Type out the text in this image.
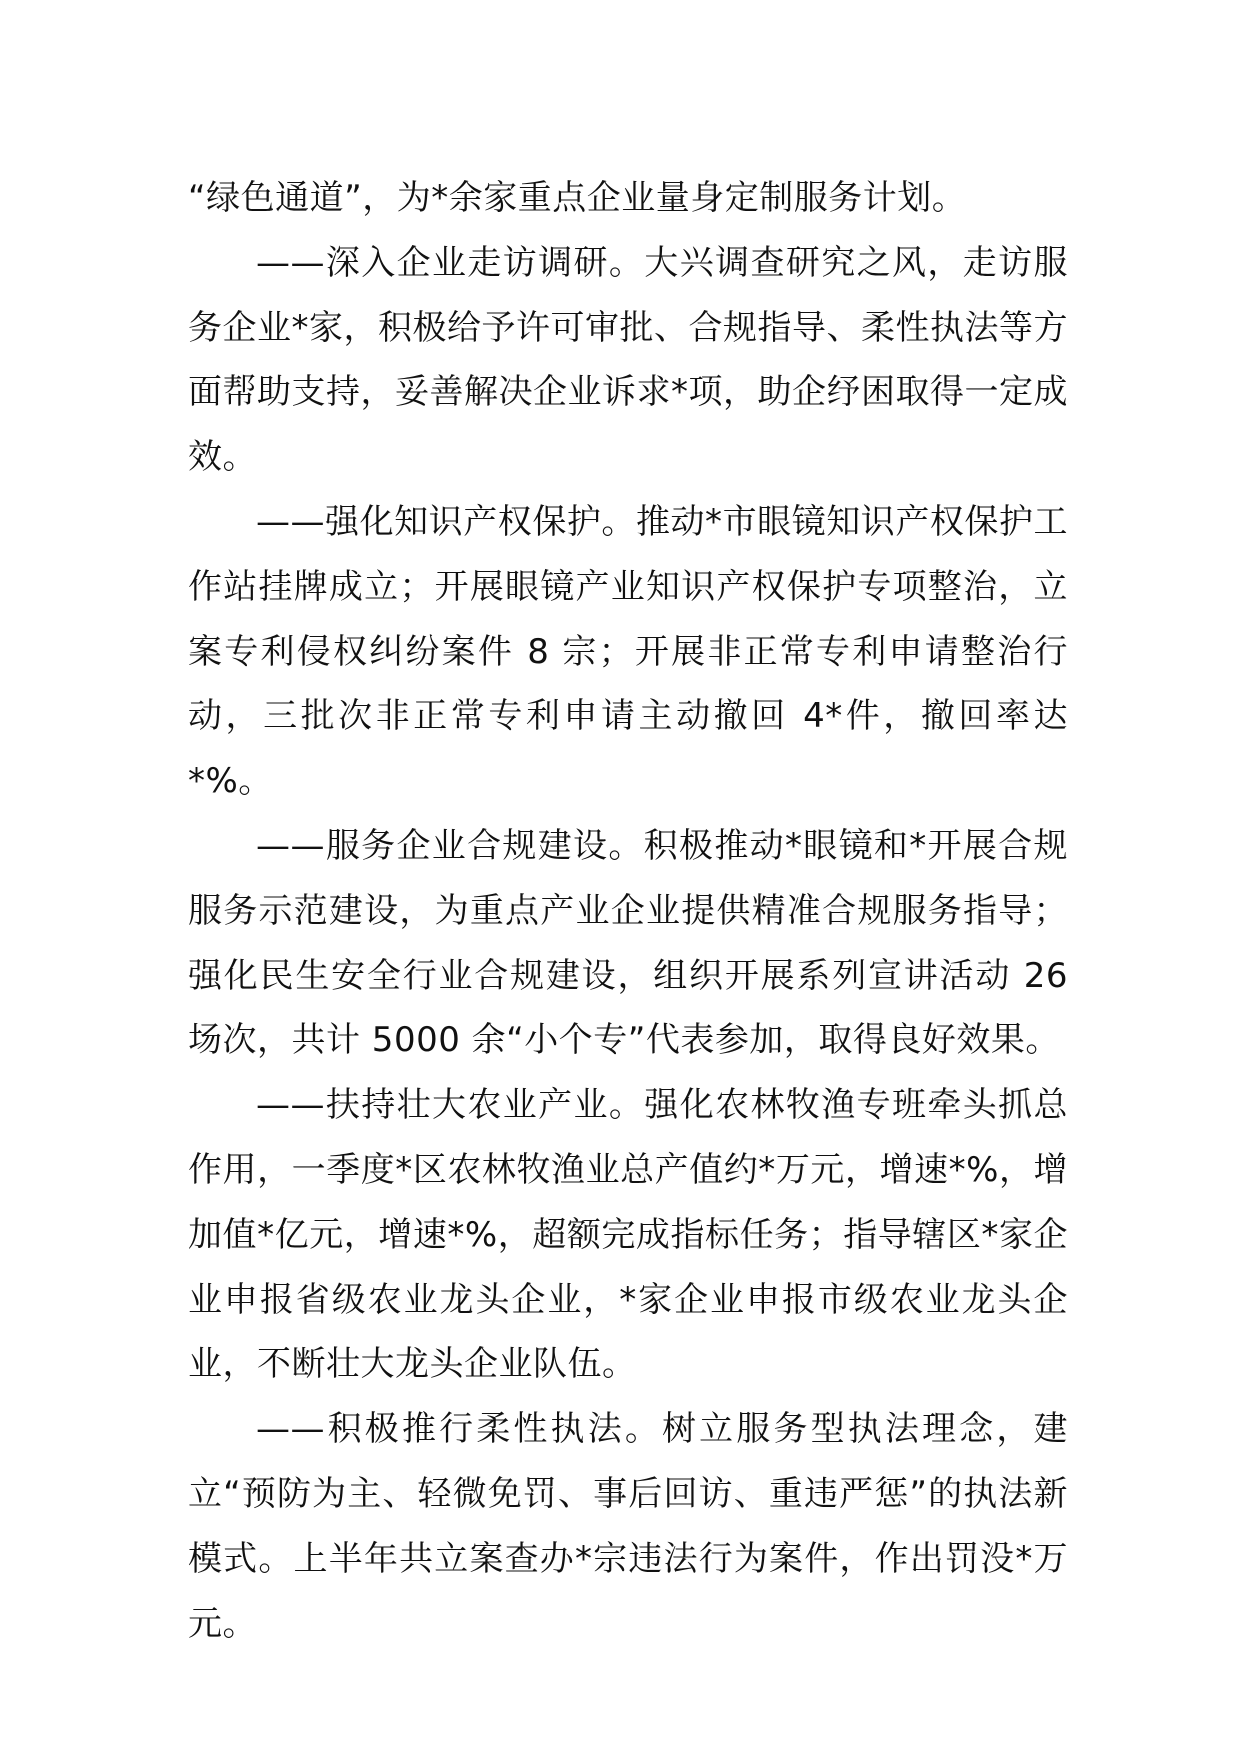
“绿色通道”，为*余家重点企业量身定制服务计划。

——深入企业走访调研。大兴调查研究之风，走访服务企业*家，积极给予许可审批、合规指导、柔性执法等方面帮助支持，妥善解决企业诉求*项，助企纾困取得一定成效。

——强化知识产权保护。推动*市眼镜知识产权保护工作站挂牌成立；开展眼镜产业知识产权保护专项整治，立案专利侵权纠纷案件 8 宗；开展非正常专利申请整治行动，三批次非正常专利申请主动撤回 4*件，撤回率达*%。

——服务企业合规建设。积极推动*眼镜和*开展合规服务示范建设，为重点产业企业提供精准合规服务指导；强化民生安全行业合规建设，组织开展系列宣讲活动 26 场次，共计 5000 余“小个专”代表参加，取得良好效果。

——扶持壮大农业产业。强化农林牧渔专班牵头抓总作用，一季度*区农林牧渔业总产值约*万元，增速*%，增加值*亿元，增速*%，超额完成指标任务；指导辖区*家企业申报省级农业龙头企业，*家企业申报市级农业龙头企业，不断壮大龙头企业队伍。

——积极推行柔性执法。树立服务型执法理念，建立“预防为主、轻微免罚、事后回访、重违严惩”的执法新模式。上半年共立案查办*宗违法行为案件，作出罚没*万元。
